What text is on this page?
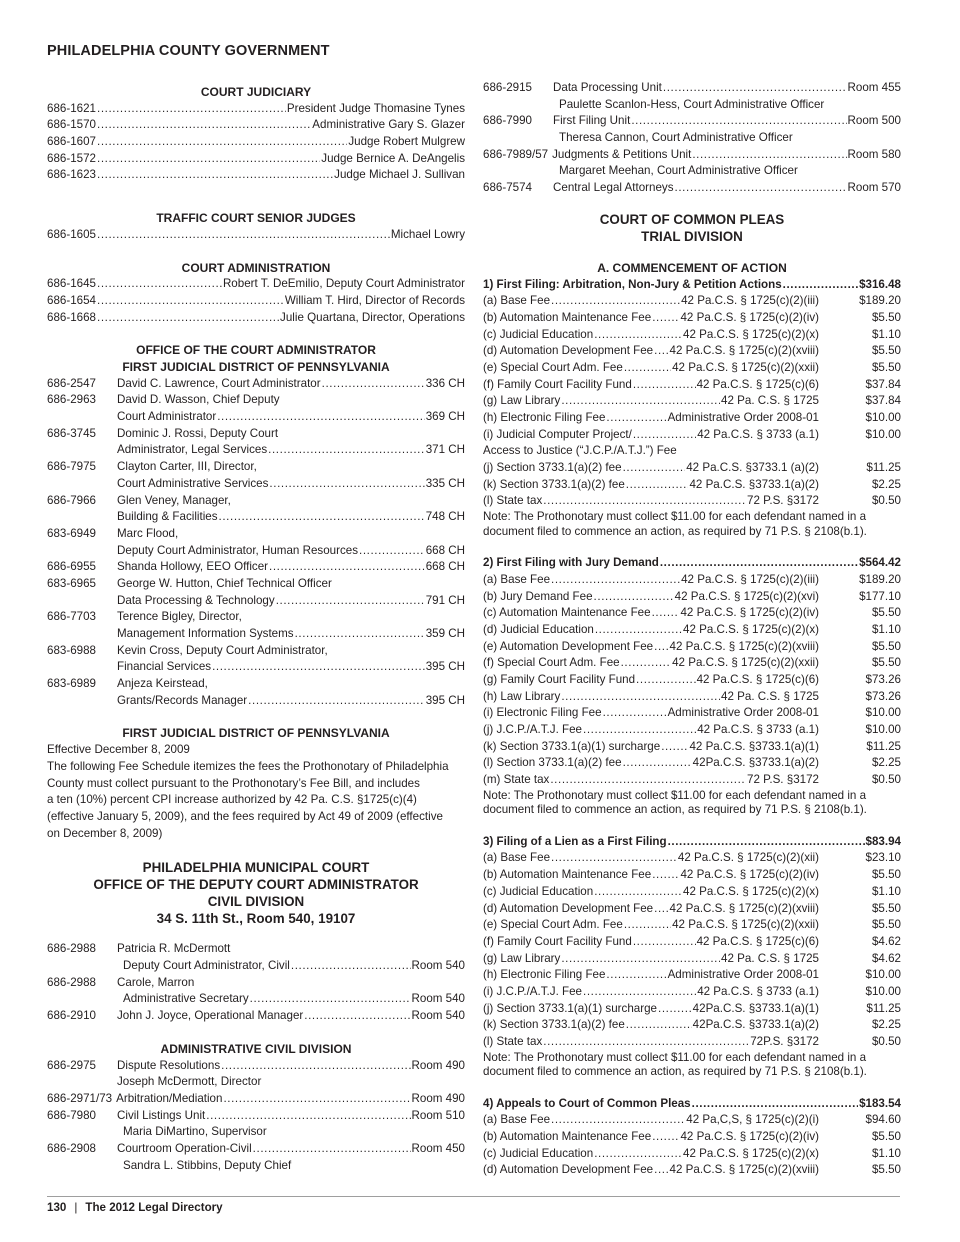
PHILADELPHIA COUNTY GOVERNMENT
COURT JUDICIARY
686-1621 .....	President Judge Thomasine Tynes
686-1570 .....	Administrative Gary S. Glazer
686-1607 .....	Judge Robert Mulgrew
686-1572 .....	Judge Bernice A. DeAngelis
686-1623 .....	Judge Michael J. Sullivan
TRAFFIC COURT SENIOR JUDGES
686-1605 .....	Michael Lowry
COURT ADMINISTRATION
686-1645 .....	Robert T. DeEmilio, Deputy Court Administrator
686-1654 .....	William T. Hird, Director of Records
686-1668 .....	Julie Quartana, Director, Operations
OFFICE OF THE COURT ADMINISTRATOR
FIRST JUDICIAL DISTRICT OF PENNSYLVANIA
686-2547	David C. Lawrence, Court Administrator .....	336 CH
686-2963	David D. Wasson, Chief Deputy
Court Administrator .....	369 CH
686-3745	Dominic J. Rossi, Deputy Court
Administrator, Legal Services .....	371 CH
686-7975	Clayton Carter, III, Director,
Court Administrative Services .....	335 CH
686-7966	Glen Veney, Manager,
Building & Facilities .....	748 CH
683-6949	Marc Flood,
Deputy Court Administrator, Human Resources .....	668 CH
686-6955	Shanda Hollowy, EEO Officer .....	668 CH
683-6965	George W. Hutton, Chief Technical Officer
Data Processing & Technology .....	791 CH
686-7703	Terence Bigley, Director,
Management Information Systems .....	359 CH
683-6988	Kevin Cross, Deputy Court Administrator,
Financial Services .....	395 CH
683-6989	Anjeza Keirstead,
Grants/Records Manager .....	395 CH
FIRST JUDICIAL DISTRICT OF PENNSYLVANIA
Effective December 8, 2009
The following Fee Schedule itemizes the fees the Prothonotary of Philadelphia
County must collect pursuant to the Prothonotary’s Fee Bill, and includes
a ten (10%) percent CPI increase authorized by 42 Pa. C.S. §1725(c)(4)
(effective January 5, 2009), and the fees required by Act 49 of 2009 (effective
on December 8, 2009)
PHILADELPHIA MUNICIPAL COURT
OFFICE OF THE DEPUTY COURT ADMINISTRATOR
CIVIL DIVISION
34 S. 11th St., Room 540, 19107
686-2988	Patricia R. McDermott
Deputy Court Administrator, Civil .....	Room 540
686-2988	Carole, Marron
Administrative Secretary .....	Room 540
686-2910	John J. Joyce, Operational Manager .....	Room 540
ADMINISTRATIVE CIVIL DIVISION
686-2975	Dispute Resolutions .....	Room 490
Joseph McDermott, Director
686-2971/73 Arbitration/Mediation .....	Room 490
686-7980	Civil Listings Unit .....	Room 510
Maria DiMartino, Supervisor
686-2908	Courtroom Operation-Civil .....	Room 450
Sandra L. Stibbins, Deputy Chief
686-2915	Data Processing Unit .....	Room 455
Paulette Scanlon-Hess, Court Administrative Officer
686-7990	First Filing Unit .....	Room 500
Theresa Cannon, Court Administrative Officer
686-7989/57 Judgments & Petitions Unit .....	Room 580
Margaret Meehan, Court Administrative Officer
686-7574	Central Legal Attorneys .....	Room 570
COURT OF COMMON PLEAS
TRIAL DIVISION
A. COMMENCEMENT OF ACTION
1) First Filing: Arbitration, Non-Jury & Petition Actions .....	$316.48
(a) Base Fee .....	42 Pa.C.S. § 1725(c)(2)(iii)	$189.20
(b) Automation Maintenance Fee .....	42 Pa.C.S. § 1725(c)(2)(iv)	$5.50
(c) Judicial Education .....	42 Pa.C.S. § 1725(c)(2)(x)	$1.10
(d) Automation Development Fee ..... 42 Pa.C.S. § 1725(c)(2)(xviii)	$5.50
(e) Special Court Adm. Fee .....	42 Pa.C.S. § 1725(c)(2)(xxii)	$5.50
(f) Family Court Facility Fund .....	42 Pa.C.S. § 1725(c)(6)	$37.84
(g) Law Library .....	42 Pa. C.S. § 1725	$37.84
(h) Electronic Filing Fee .....	Administrative Order 2008-01	$10.00
(i) Judicial Computer Project/ .....	42 Pa.C.S. § 3733 (a.1)	$10.00
Access to Justice (“J.C.P./A.T.J.”) Fee
(j) Section 3733.1(a)(2) fee .....	42 Pa.C.S. §3733.1 (a)(2)	$11.25
(k) Section 3733.1(a)(2) fee .....	42 Pa.C.S. §3733.1(a)(2)	$2.25
(l) State tax .....	72 P.S. §3172	$0.50
Note: The Prothonotary must collect $11.00 for each defendant named in a
document filed to commence an action, as required by 71 P.S. § 2108(b.1).
2) First Filing with Jury Demand .....	$564.42
(a) Base Fee .....	42 Pa.C.S. § 1725(c)(2)(iii)	$189.20
(b) Jury Demand Fee .....	42 Pa.C.S. § 1725(c)(2)(xvi)	$177.10
(c) Automation Maintenance Fee .....	42 Pa.C.S. § 1725(c)(2)(iv)	$5.50
(d) Judicial Education .....	42 Pa.C.S. § 1725(c)(2)(x)	$1.10
(e) Automation Development Fee ..... 42 Pa.C.S. § 1725(c)(2)(xviii)	$5.50
(f) Special Court Adm. Fee .....	42 Pa.C.S. § 1725(c)(2)(xxii)	$5.50
(g) Family Court Facility Fund .....	42 Pa.C.S. § 1725(c)(6)	$73.26
(h) Law Library .....	42 Pa. C.S. § 1725	$73.26
(i) Electronic Filing Fee .....	Administrative Order 2008-01	$10.00
(j) J.C.P./A.T.J. Fee .....	42 Pa.C.S. § 3733 (a.1)	$10.00
(k) Section 3733.1(a)(1) surcharge .....	42 Pa.C.S. §3733.1(a)(1)	$11.25
(l) Section 3733.1(a)(2) fee .....	42Pa.C.S. §3733.1(a)(2)	$2.25
(m) State tax .....	72 P.S. §3172	$0.50
Note: The Prothonotary must collect $11.00 for each defendant named in a
document filed to commence an action, as required by 71 P.S. § 2108(b.1).
3) Filing of a Lien as a First Filing .....	$83.94
(a) Base Fee .....	42 Pa.C.S. § 1725(c)(2)(xii)	$23.10
(b) Automation Maintenance Fee .....	42 Pa.C.S. § 1725(c)(2)(iv)	$5.50
(c) Judicial Education .....	42 Pa.C.S. § 1725(c)(2)(x)	$1.10
(d) Automation Development Fee ..... 42 Pa.C.S. § 1725(c)(2)(xviii)	$5.50
(e) Special Court Adm. Fee .....	42 Pa.C.S. § 1725(c)(2)(xxii)	$5.50
(f) Family Court Facility Fund .....	42 Pa.C.S. § 1725(c)(6)	$4.62
(g) Law Library .....	42 Pa. C.S. § 1725	$4.62
(h) Electronic Filing Fee .....	Administrative Order 2008-01	$10.00
(i) J.C.P./A.T.J. Fee .....	42 Pa.C.S. § 3733 (a.1)	$10.00
(j) Section 3733.1(a)(1) surcharge .....	42Pa.C.S. §3733.1(a)(1)	$11.25
(k) Section 3733.1(a)(2) fee .....	42Pa.C.S. §3733.1(a)(2)	$2.25
(l) State tax .....	72P.S. §3172	$0.50
Note: The Prothonotary must collect $11.00 for each defendant named in a
document filed to commence an action, as required by 71 P.S. § 2108(b.1).
4) Appeals to Court of Common Pleas .....	$183.54
(a) Base Fee .....	42 Pa,C,S, § 1725(c)(2)(i)	$94.60
(b) Automation Maintenance Fee .....	42 Pa.C.S. § 1725(c)(2)(iv)	$5.50
(c) Judicial Education .....	42 Pa.C.S. § 1725(c)(2)(x)	$1.10
(d) Automation Development Fee ..... 42 Pa.C.S. § 1725(c)(2)(xviii)	$5.50
130 | The 2012 Legal Directory
